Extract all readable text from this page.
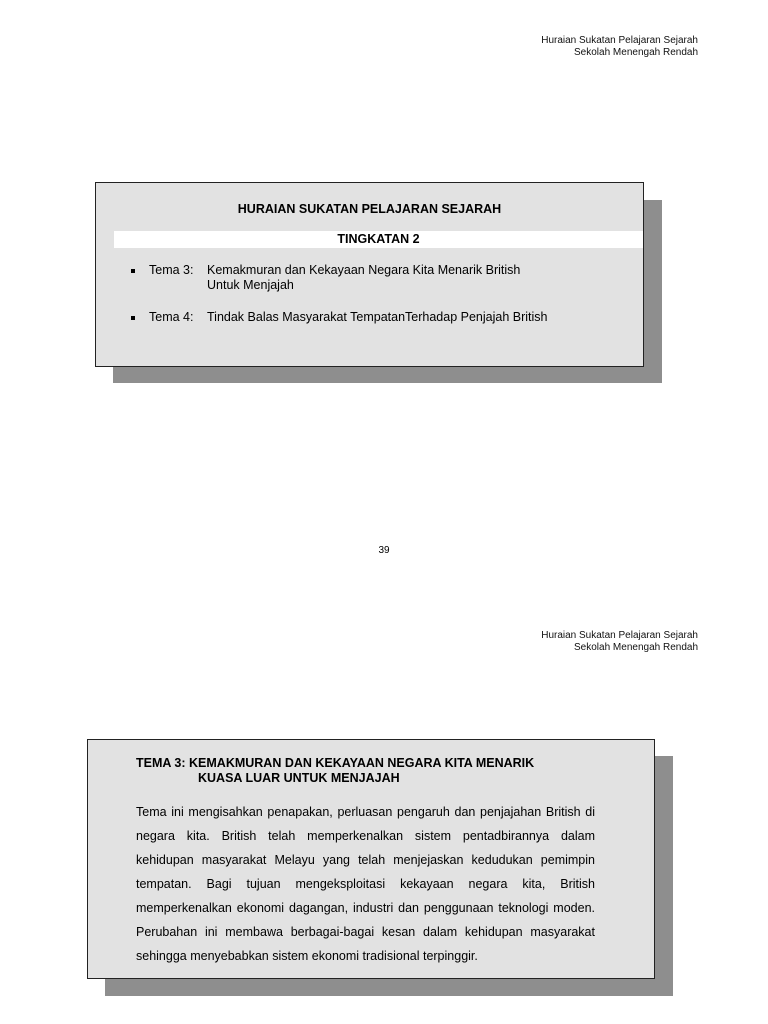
Huraian Sukatan Pelajaran Sejarah
Sekolah Menengah Rendah
HURAIAN SUKATAN PELAJARAN SEJARAH
TINGKATAN 2
Tema 3: Kemakmuran dan Kekayaan Negara Kita Menarik British
Untuk Menjajah
Tema 4: Tindak Balas Masyarakat TempatanTerhadap Penjajah British
39
Huraian Sukatan Pelajaran Sejarah
Sekolah Menengah Rendah
TEMA 3: KEMAKMURAN DAN KEKAYAAN NEGARA KITA MENARIK
KUASA LUAR UNTUK MENJAJAH
Tema ini mengisahkan penapakan, perluasan pengaruh dan penjajahan British di negara kita. British telah memperkenalkan sistem pentadbirannya dalam kehidupan masyarakat Melayu yang telah menjejaskan kedudukan pemimpin tempatan. Bagi tujuan mengeksploitasi kekayaan negara kita, British memperkenalkan ekonomi dagangan, industri dan penggunaan teknologi moden. Perubahan ini membawa berbagai-bagai kesan dalam kehidupan masyarakat sehingga menyebabkan sistem ekonomi tradisional terpinggir.
